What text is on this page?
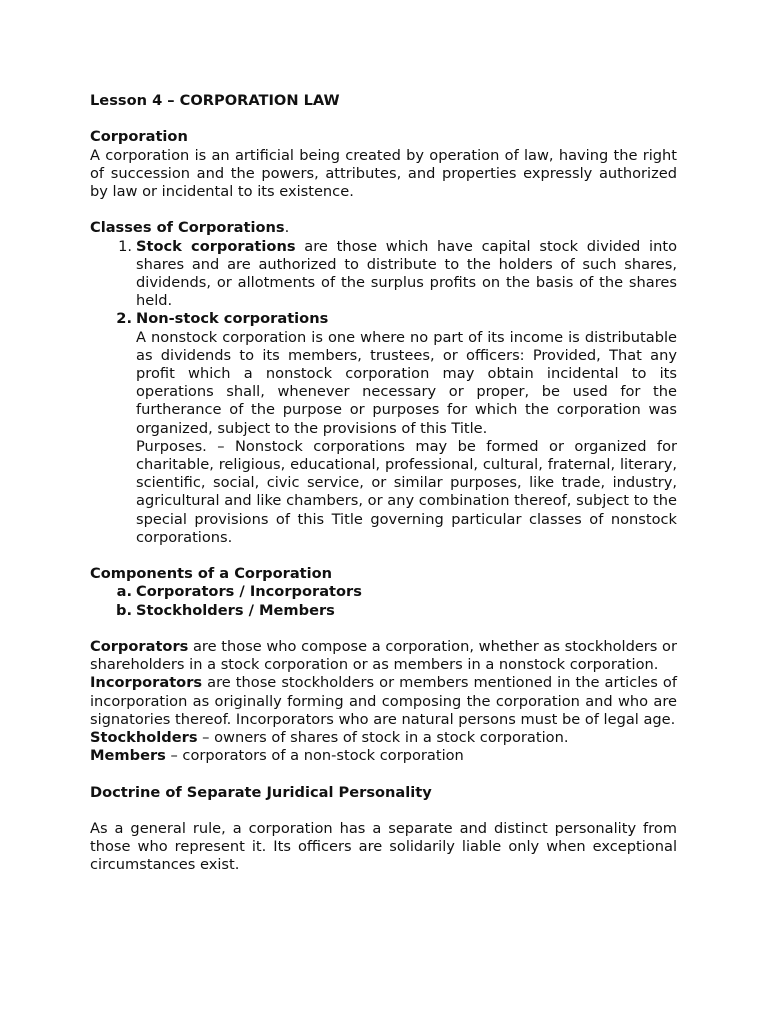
Lesson 4 – CORPORATION LAW

Corporation

A corporation is an artificial being created by operation of law, having the right of succession and the powers, attributes, and properties expressly authorized by law or incidental to its existence.

Classes of Corporations.

1. Stock corporations are those which have capital stock divided into shares and are authorized to distribute to the holders of such shares, dividends, or allotments of the surplus profits on the basis of the shares held.

2. Non-stock corporations

A nonstock corporation is one where no part of its income is distributable as dividends to its members, trustees, or officers: Provided, That any profit which a nonstock corporation may obtain incidental to its operations shall, whenever necessary or proper, be used for the furtherance of the purpose or purposes for which the corporation was organized, subject to the provisions of this Title.

Purposes. – Nonstock corporations may be formed or organized for charitable, religious, educational, professional, cultural, fraternal, literary, scientific, social, civic service, or similar purposes, like trade, industry, agricultural and like chambers, or any combination thereof, subject to the special provisions of this Title governing particular classes of nonstock corporations.

Components of a Corporation

a. Corporators / Incorporators

b. Stockholders / Members

Corporators are those who compose a corporation, whether as stockholders or shareholders in a stock corporation or as members in a nonstock corporation.

Incorporators are those stockholders or members mentioned in the articles of incorporation as originally forming and composing the corporation and who are signatories thereof. Incorporators who are natural persons must be of legal age.

Stockholders – owners of shares of stock in a stock corporation.

Members – corporators of a non-stock corporation

Doctrine of Separate Juridical Personality

As a general rule, a corporation has a separate and distinct personality from those who represent it. Its officers are solidarily liable only when exceptional circumstances exist.
